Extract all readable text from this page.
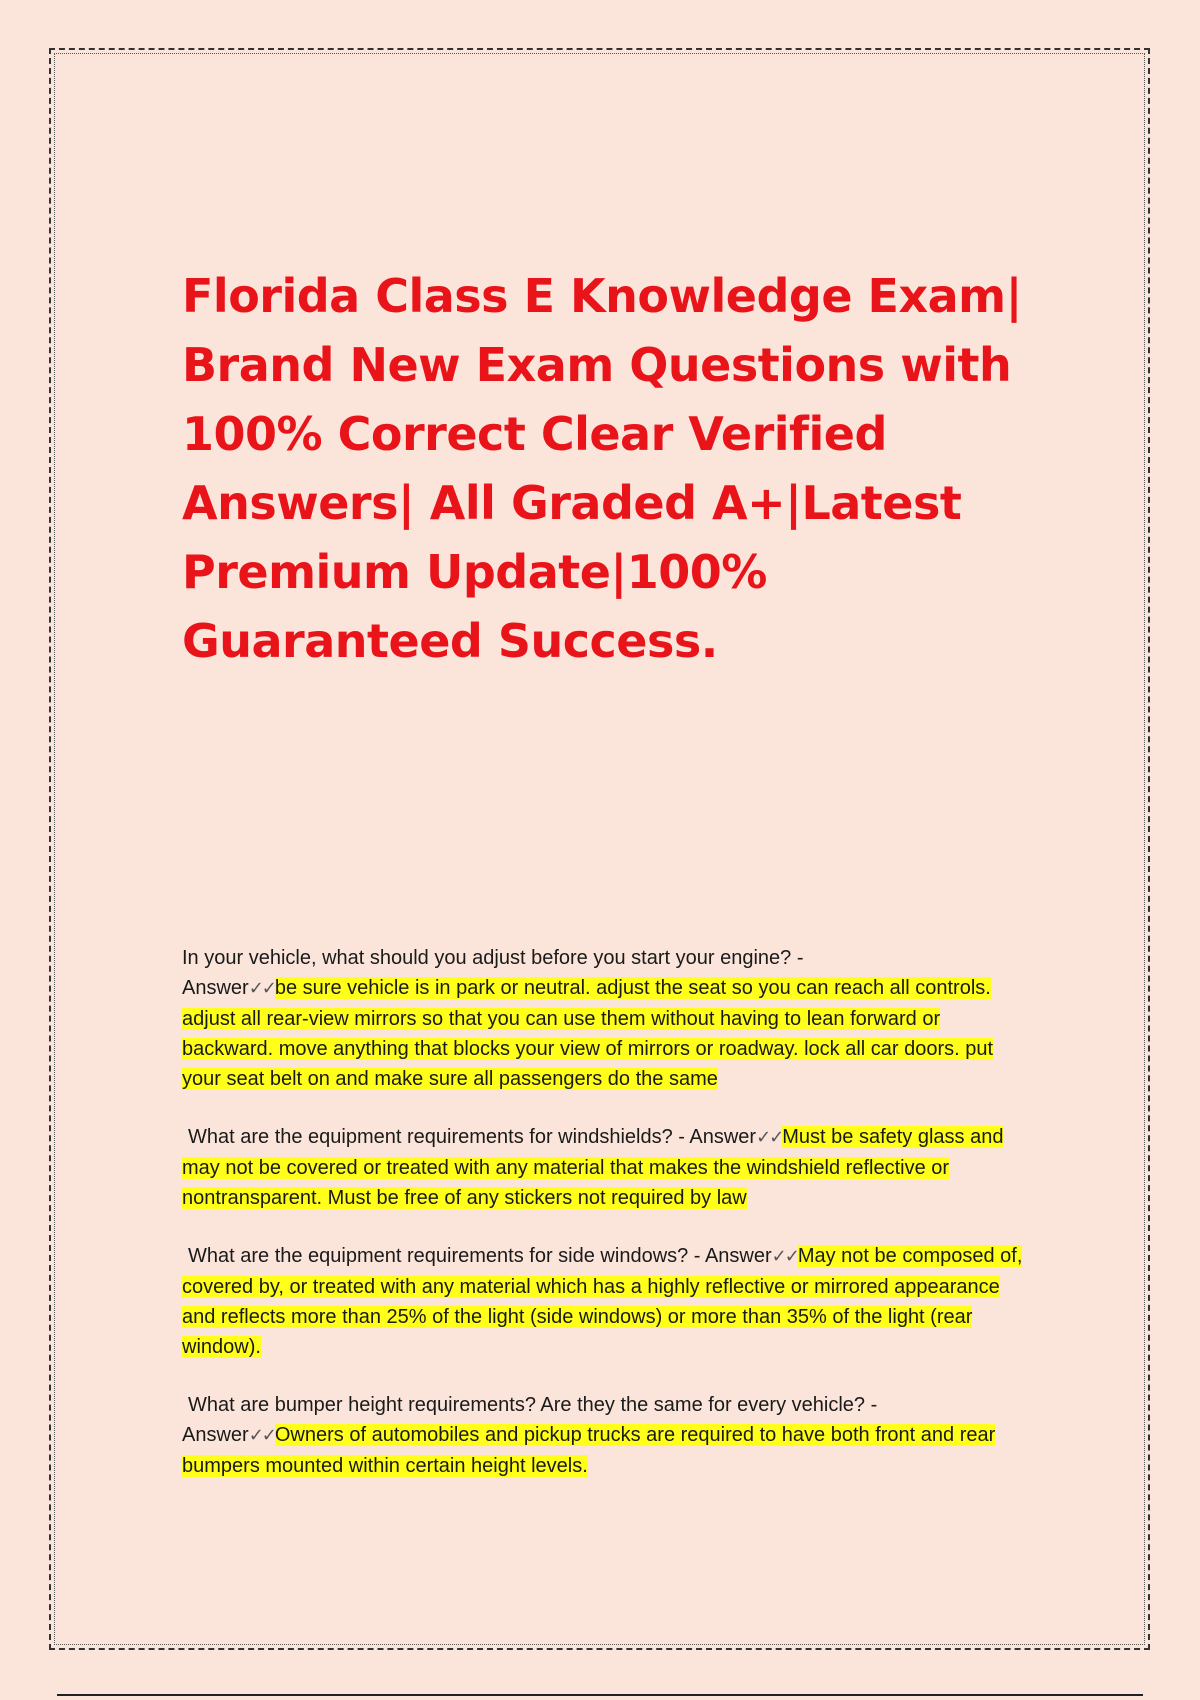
Florida Class E Knowledge Exam| Brand New Exam Questions with 100% Correct Clear Verified Answers| All Graded A+|Latest Premium Update|100% Guaranteed Success.

In your vehicle, what should you adjust before you start your engine? -
Answer✓✓be sure vehicle is in park or neutral. adjust the seat so you can reach all controls. adjust all rear-view mirrors so that you can use them without having to lean forward or backward. move anything that blocks your view of mirrors or roadway. lock all car doors. put your seat belt on and make sure all passengers do the same

What are the equipment requirements for windshields? - Answer✓✓Must be safety glass and may not be covered or treated with any material that makes the windshield reflective or nontransparent. Must be free of any stickers not required by law

What are the equipment requirements for side windows? - Answer✓✓May not be composed of, covered by, or treated with any material which has a highly reflective or mirrored appearance and reflects more than 25% of the light (side windows) or more than 35% of the light (rear window).

What are bumper height requirements? Are they the same for every vehicle? -
Answer✓✓Owners of automobiles and pickup trucks are required to have both front and rear bumpers mounted within certain height levels.
